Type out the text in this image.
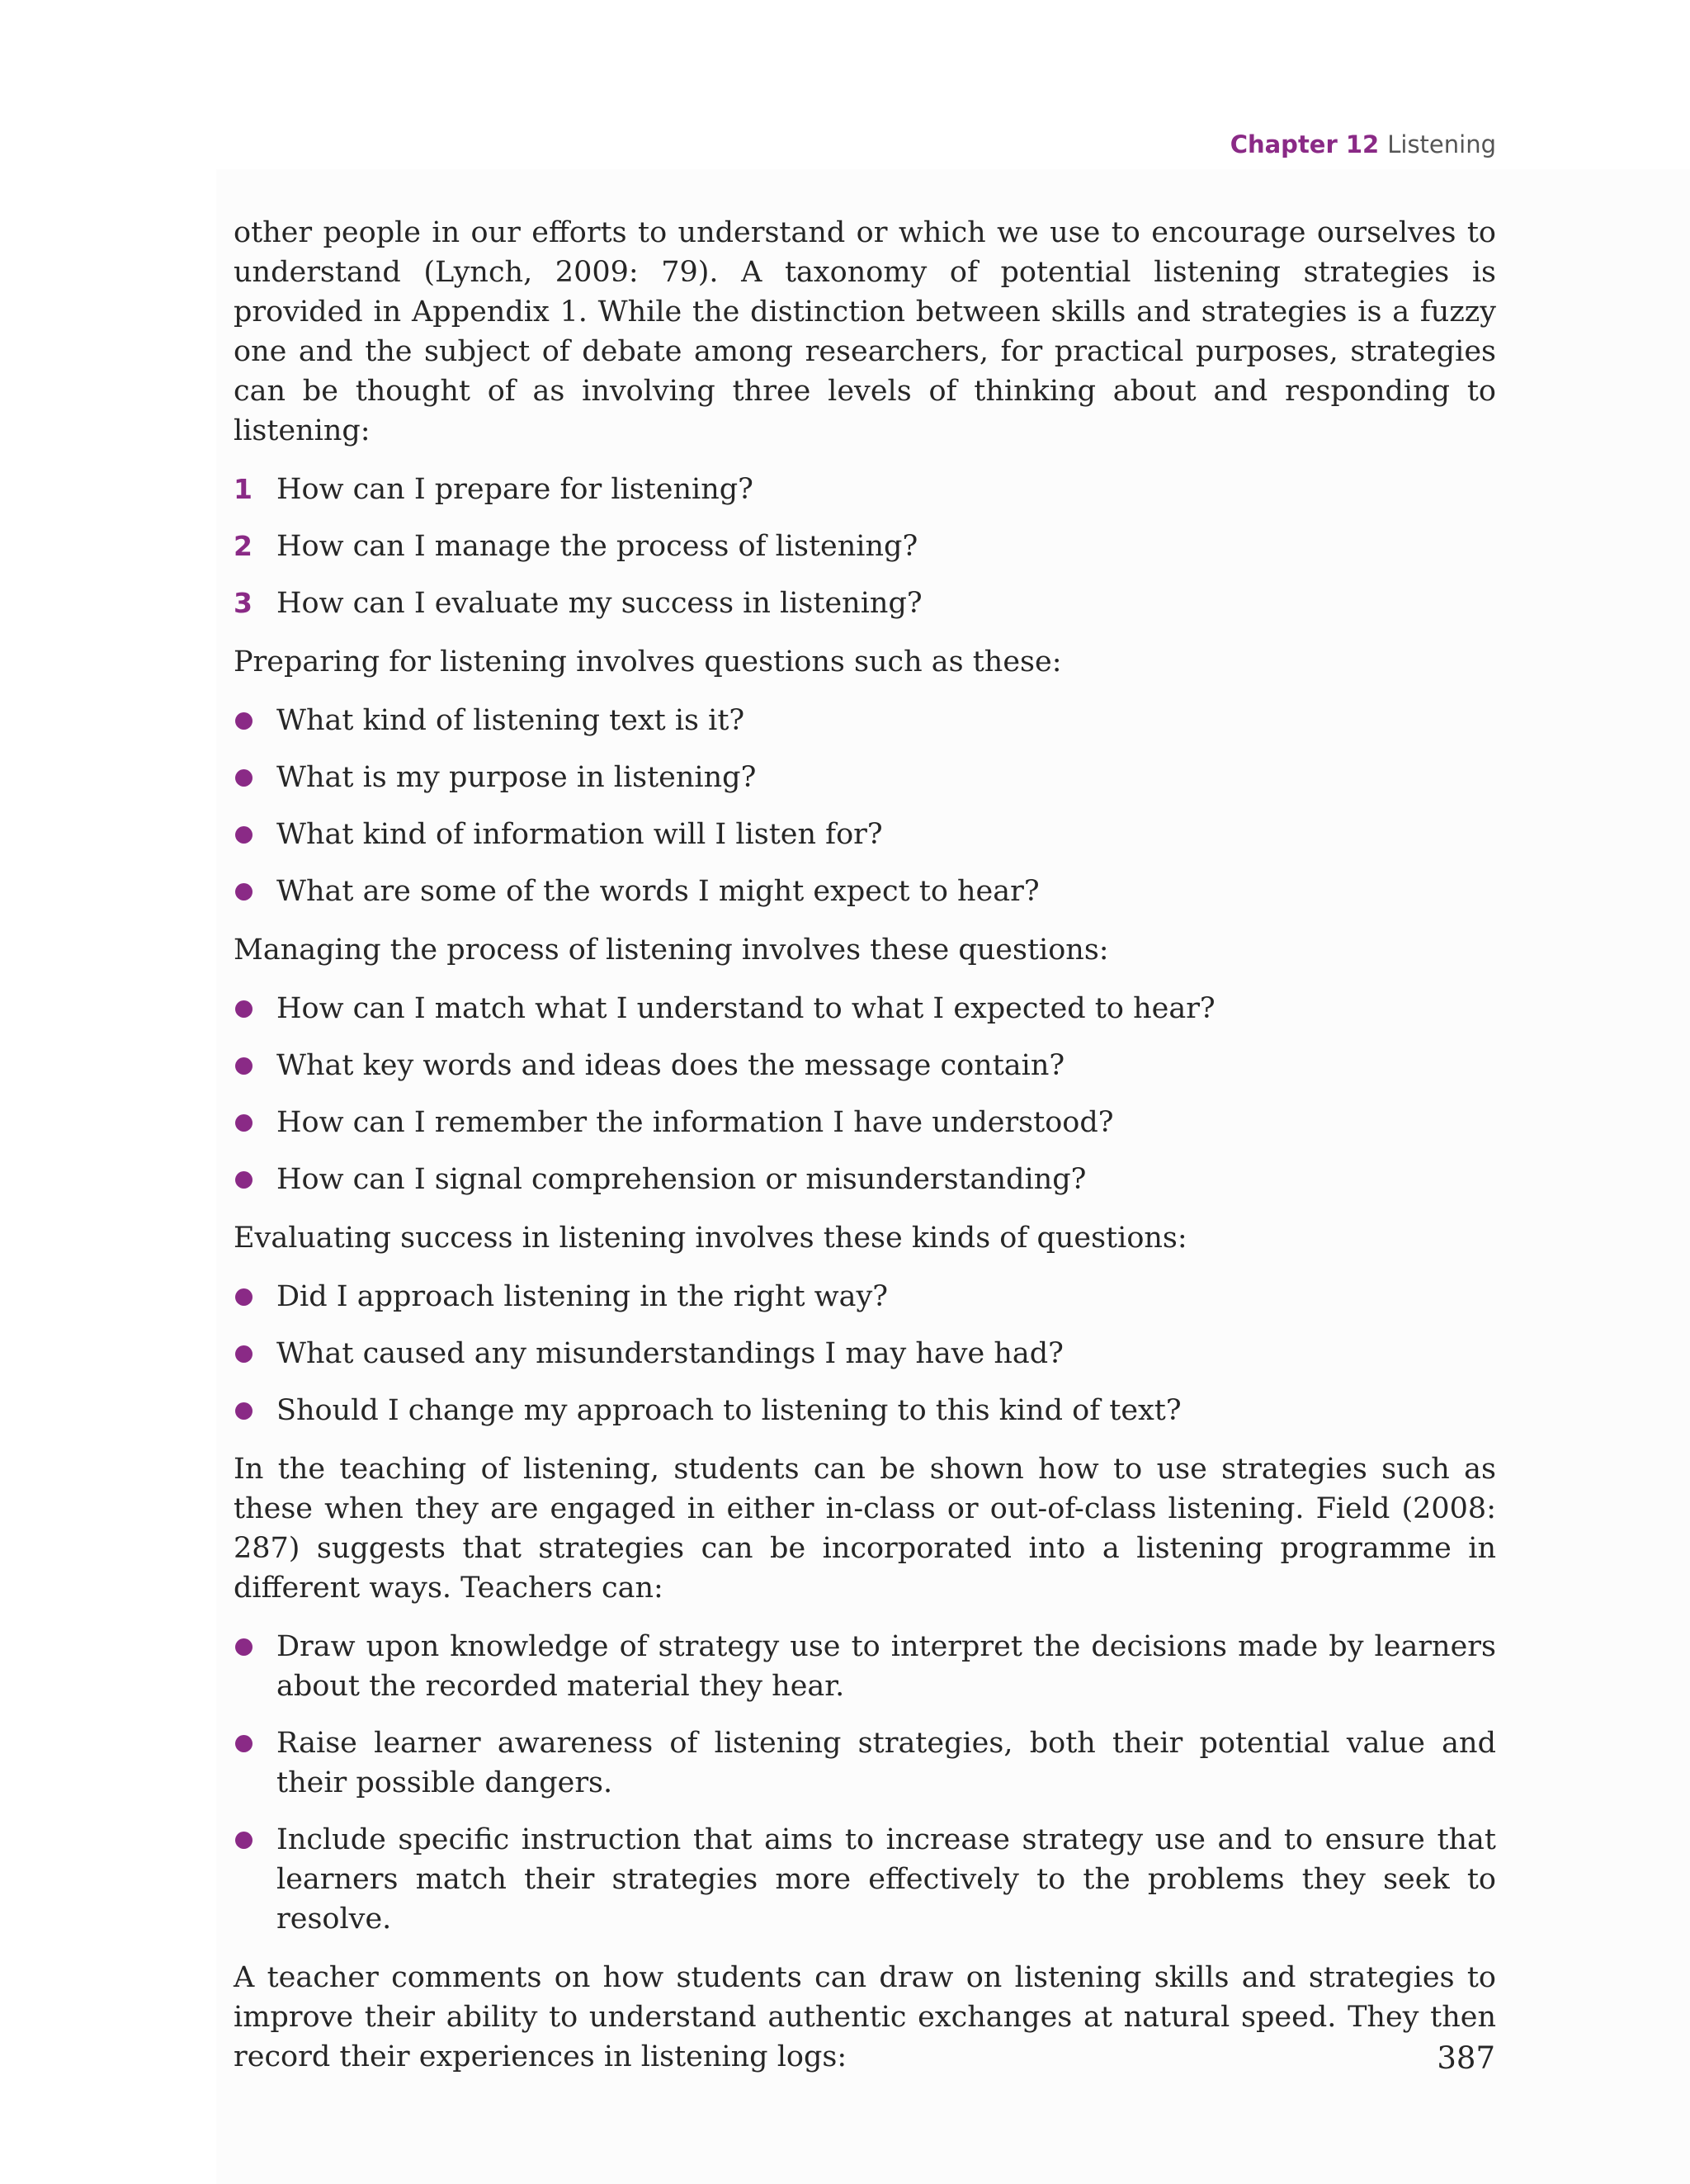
Chapter 12 Listening

other people in our efforts to understand or which we use to encourage ourselves to understand (Lynch, 2009: 79). A taxonomy of potential listening strategies is provided in Appendix 1. While the distinction between skills and strategies is a fuzzy one and the subject of debate among researchers, for practical purposes, strategies can be thought of as involving three levels of thinking about and responding to listening:

1 How can I prepare for listening?
2 How can I manage the process of listening?
3 How can I evaluate my success in listening?

Preparing for listening involves questions such as these:

What kind of listening text is it?
What is my purpose in listening?
What kind of information will I listen for?
What are some of the words I might expect to hear?

Managing the process of listening involves these questions:

How can I match what I understand to what I expected to hear?
What key words and ideas does the message contain?
How can I remember the information I have understood?
How can I signal comprehension or misunderstanding?

Evaluating success in listening involves these kinds of questions:

Did I approach listening in the right way?
What caused any misunderstandings I may have had?
Should I change my approach to listening to this kind of text?

In the teaching of listening, students can be shown how to use strategies such as these when they are engaged in either in-class or out-of-class listening. Field (2008: 287) suggests that strategies can be incorporated into a listening programme in different ways. Teachers can:

Draw upon knowledge of strategy use to interpret the decisions made by learners about the recorded material they hear.
Raise learner awareness of listening strategies, both their potential value and their possible dangers.
Include specific instruction that aims to increase strategy use and to ensure that learners match their strategies more effectively to the problems they seek to resolve.

A teacher comments on how students can draw on listening skills and strategies to improve their ability to understand authentic exchanges at natural speed. They then record their experiences in listening logs:	387
